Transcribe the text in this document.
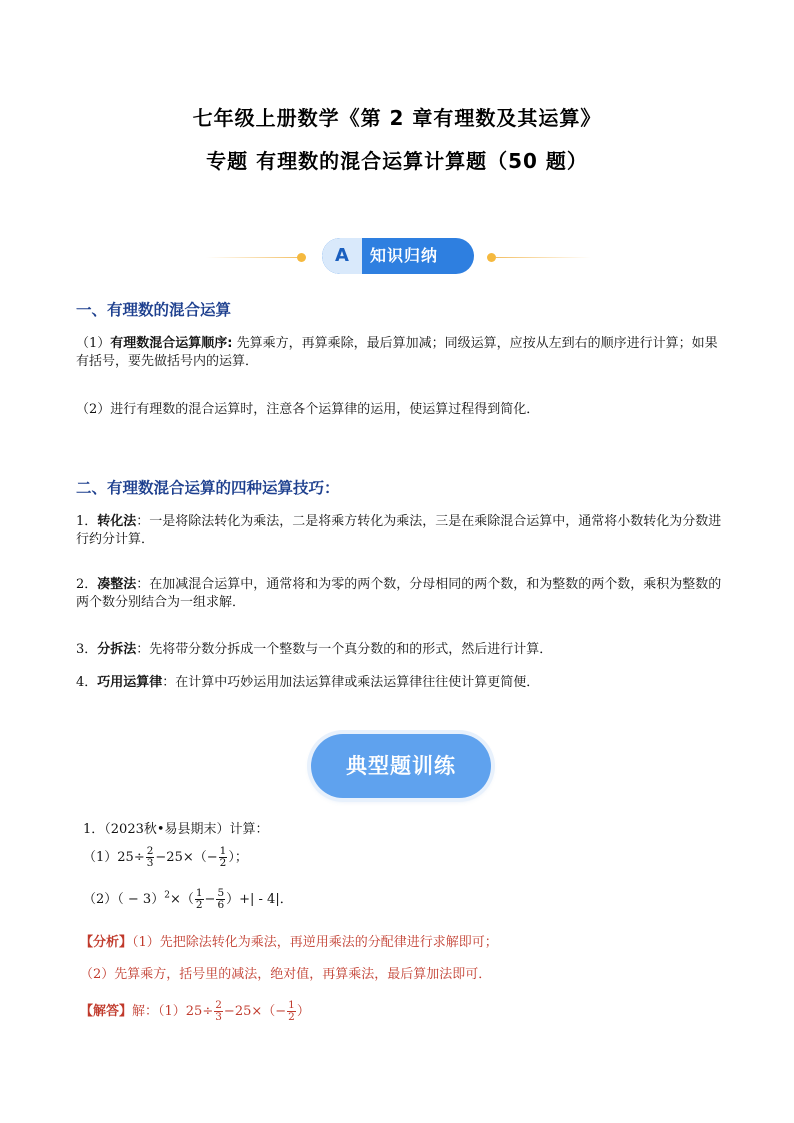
七年级上册数学《第 2 章有理数及其运算》
专题 有理数的混合运算计算题（50 题）
A	知识归纳
一、有理数的混合运算
（1）有理数混合运算顺序: 先算乘方，再算乘除，最后算加减；同级运算，应按从左到右的顺序进行计算；如果有括号，要先做括号内的运算．
（2）进行有理数的混合运算时，注意各个运算律的运用，使运算过程得到简化．
二、有理数混合运算的四种运算技巧：
1．转化法：一是将除法转化为乘法，二是将乘方转化为乘法，三是在乘除混合运算中，通常将小数转化为分数进行约分计算．
2．凑整法：在加减混合运算中，通常将和为零的两个数，分母相同的两个数，和为整数的两个数，乘积为整数的两个数分别结合为一组求解．
3．分拆法：先将带分数分拆成一个整数与一个真分数的和的形式，然后进行计算．
4．巧用运算律：在计算中巧妙运用加法运算律或乘法运算律往往使计算更简便．
典型题训练
1．（2023秋•易县期末）计算：
$(1)25\div \frac{2}{3} -25\times(- \frac{1}{2}$ ）；
$(2)( - 3)^2\times( \frac{1}{2} - \frac{5}{6}$ ）+| - 4|．
【分析】（1）先把除法转化为乘法，再逆用乘法的分配律进行求解即可；
（2）先算乘方，括号里的减法，绝对值，再算乘法，最后算加法即可．
【解答】解：$(1)25\div \frac{2}{3} -25\times(- \frac{1}{2}$ ）
